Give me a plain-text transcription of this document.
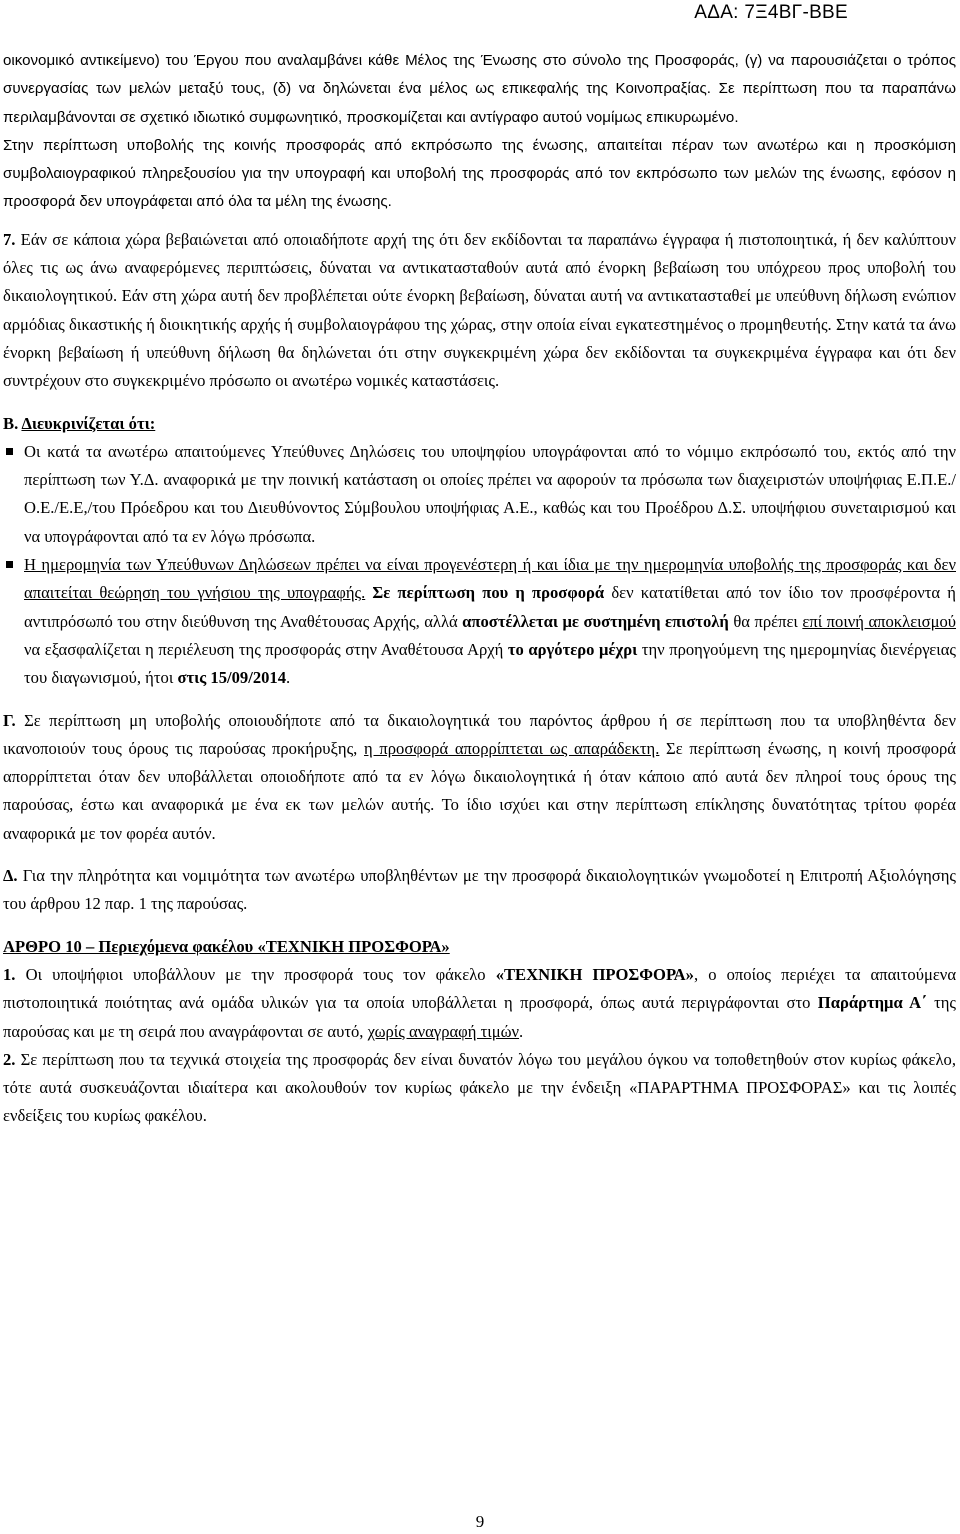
ΑΔΑ: 7Ξ4ΒΓ-ΒΒΕ

οικονομικό αντικείμενο) του Έργου που αναλαμβάνει κάθε Μέλος της Ένωσης στο σύνολο της Προσφοράς, (γ) να παρουσιάζεται ο τρόπος συνεργασίας των μελών μεταξύ τους, (δ) να δηλώνεται ένα μέλος ως επικεφαλής της Κοινοπραξίας. Σε περίπτωση που τα παραπάνω περιλαμβάνονται σε σχετικό ιδιωτικό συμφωνητικό, προσκομίζεται και αντίγραφο αυτού νομίμως επικυρωμένο.

Στην περίπτωση υποβολής της κοινής προσφοράς από εκπρόσωπο της ένωσης, απαιτείται πέραν των ανωτέρω και η προσκόμιση συμβολαιογραφικού πληρεξουσίου για την υπογραφή και υποβολή της προσφοράς από τον εκπρόσωπο των μελών της ένωσης, εφόσον η προσφορά δεν υπογράφεται από όλα τα μέλη της ένωσης.

7. Εάν σε κάποια χώρα βεβαιώνεται από οποιαδήποτε αρχή της ότι δεν εκδίδονται τα παραπάνω έγγραφα ή πιστοποιητικά, ή δεν καλύπτουν όλες τις ως άνω αναφερόμενες περιπτώσεις, δύναται να αντικατασταθούν αυτά από ένορκη βεβαίωση του υπόχρεου προς υποβολή του δικαιολογητικού. Εάν στη χώρα αυτή δεν προβλέπεται ούτε ένορκη βεβαίωση, δύναται αυτή να αντικατασταθεί με υπεύθυνη δήλωση ενώπιον αρμόδιας δικαστικής ή διοικητικής αρχής ή συμβολαιογράφου της χώρας, στην οποία είναι εγκατεστημένος ο προμηθευτής. Στην κατά τα άνω ένορκη βεβαίωση ή υπεύθυνη δήλωση θα δηλώνεται ότι στην συγκεκριμένη χώρα δεν εκδίδονται τα συγκεκριμένα έγγραφα και ότι δεν συντρέχουν στο συγκεκριμένο πρόσωπο οι ανωτέρω νομικές καταστάσεις.

Β. Διευκρινίζεται ότι:

Οι κατά τα ανωτέρω απαιτούμενες Υπεύθυνες Δηλώσεις του υποψηφίου υπογράφονται από το νόμιμο εκπρόσωπό του, εκτός από την περίπτωση των Υ.Δ. αναφορικά με την ποινική κατάσταση οι οποίες πρέπει να αφορούν τα πρόσωπα των διαχειριστών υποψήφιας Ε.Π.Ε./Ο.Ε./Ε.Ε,/του Πρόεδρου και του Διευθύνοντος Σύμβουλου υποψήφιας Α.Ε., καθώς και του Προέδρου Δ.Σ. υποψήφιου συνεταιρισμού και να υπογράφονται από τα εν λόγω πρόσωπα.

Η ημερομηνία των Υπεύθυνων Δηλώσεων πρέπει να είναι προγενέστερη ή και ίδια με την ημερομηνία υποβολής της προσφοράς και δεν απαιτείται θεώρηση του γνήσιου της υπογραφής. Σε περίπτωση που η προσφορά δεν κατατίθεται από τον ίδιο τον προσφέροντα ή αντιπρόσωπό του στην διεύθυνση της Αναθέτουσας Αρχής, αλλά αποστέλλεται με συστημένη επιστολή θα πρέπει επί ποινή αποκλεισμού να εξασφαλίζεται η περιέλευση της προσφοράς στην Αναθέτουσα Αρχή το αργότερο μέχρι την προηγούμενη της ημερομηνίας διενέργειας του διαγωνισμού, ήτοι στις 15/09/2014.

Γ. Σε περίπτωση μη υποβολής οποιουδήποτε από τα δικαιολογητικά του παρόντος άρθρου ή σε περίπτωση που τα υποβληθέντα δεν ικανοποιούν τους όρους τις παρούσας προκήρυξης, η προσφορά απορρίπτεται ως απαράδεκτη. Σε περίπτωση ένωσης, η κοινή προσφορά απορρίπτεται όταν δεν υποβάλλεται οποιοδήποτε από τα εν λόγω δικαιολογητικά ή όταν κάποιο από αυτά δεν πληροί τους όρους της παρούσας, έστω και αναφορικά με ένα εκ των μελών αυτής. Το ίδιο ισχύει και στην περίπτωση επίκλησης δυνατότητας τρίτου φορέα αναφορικά με τον φορέα αυτόν.

Δ. Για την πληρότητα και νομιμότητα των ανωτέρω υποβληθέντων με την προσφορά δικαιολογητικών γνωμοδοτεί η Επιτροπή Αξιολόγησης του άρθρου 12 παρ. 1 της παρούσας.

ΑΡΘΡΟ 10 – Περιεχόμενα φακέλου «ΤΕΧΝΙΚΗ ΠΡΟΣΦΟΡΑ»

1. Οι υποψήφιοι υποβάλλουν με την προσφορά τους τον φάκελο «ΤΕΧΝΙΚΗ ΠΡΟΣΦΟΡΑ», ο οποίος περιέχει τα απαιτούμενα πιστοποιητικά ποιότητας ανά ομάδα υλικών για τα οποία υποβάλλεται η προσφορά, όπως αυτά περιγράφονται στο Παράρτημα Α΄ της παρούσας και με τη σειρά που αναγράφονται σε αυτό, χωρίς αναγραφή τιμών.

2. Σε περίπτωση που τα τεχνικά στοιχεία της προσφοράς δεν είναι δυνατόν λόγω του μεγάλου όγκου να τοποθετηθούν στον κυρίως φάκελο, τότε αυτά συσκευάζονται ιδιαίτερα και ακολουθούν τον κυρίως φάκελο με την ένδειξη «ΠΑΡΑΡΤΗΜΑ ΠΡΟΣΦΟΡΑΣ» και τις λοιπές ενδείξεις του κυρίως φακέλου.

9
